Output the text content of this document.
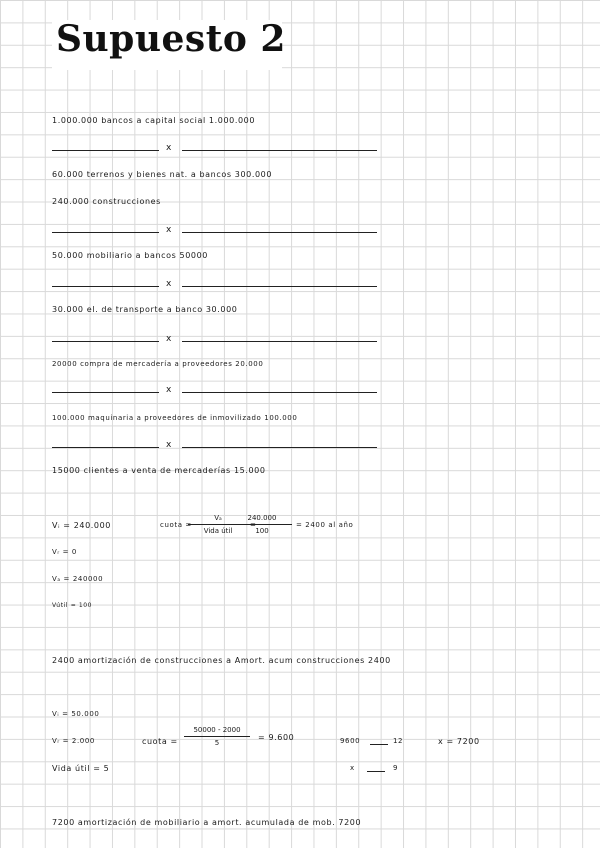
Supuesto 2
1.000.000 bancos a capital social 1.000.000
x
60.000 terrenos y bienes nat. a bancos 300.000
240.000 construcciones
x
50.000 mobiliario a bancos 50000
x
30.000 el. de transporte a banco 30.000
x
20000 compra de mercadería a proveedores 20.000
x
100.000 maquinaria a proveedores de inmovilizado 100.000
x
15000 clientes a venta de mercaderías 15.000
Vᵢ = 240.000	cuota =
Vₐ
Vida útil
=
240.000
100
= 2400 al año
Vᵣ = 0
Vₐ = 240000
Vútil = 100
2400 amortización de construcciones a Amort. acum construcciones 2400
Vᵢ = 50.000
Vᵣ = 2.000	cuota =
50000 - 2000
5
= 9.600	9600	12	x = 7200
Vida útil = 5	x	9
7200 amortización de mobiliario a amort. acumulada de mob. 7200
